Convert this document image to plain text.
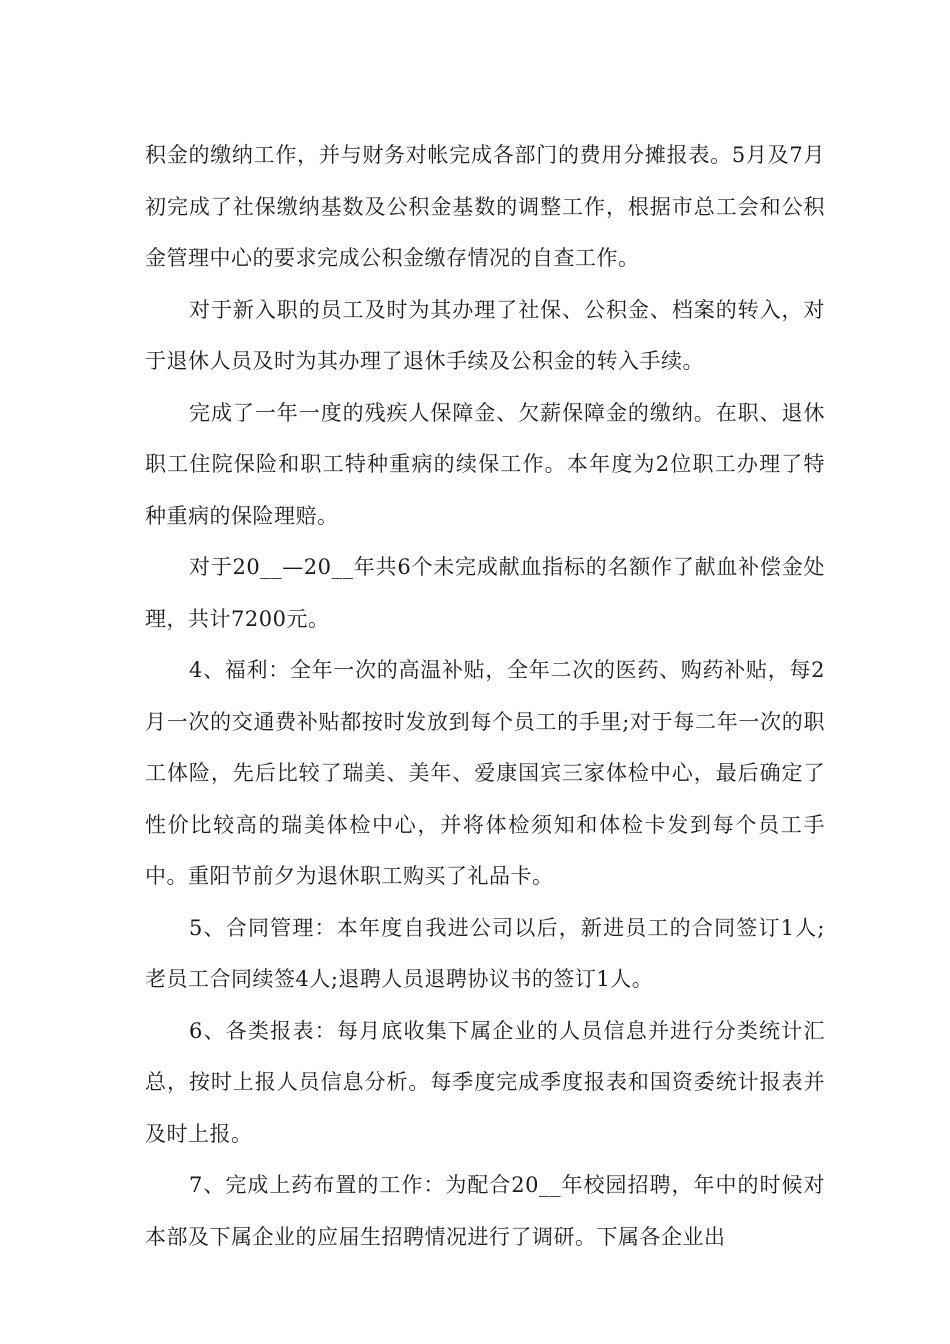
积金的缴纳工作，并与财务对帐完成各部门的费用分摊报表。5月及7月初完成了社保缴纳基数及公积金基数的调整工作，根据市总工会和公积金管理中心的要求完成公积金缴存情况的自查工作。

对于新入职的员工及时为其办理了社保、公积金、档案的转入，对于退休人员及时为其办理了退休手续及公积金的转入手续。

完成了一年一度的残疾人保障金、欠薪保障金的缴纳。在职、退休职工住院保险和职工特种重病的续保工作。本年度为2位职工办理了特种重病的保险理赔。

对于20__—20__年共6个未完成献血指标的名额作了献血补偿金处理，共计7200元。

4、福利：全年一次的高温补贴，全年二次的医药、购药补贴，每2月一次的交通费补贴都按时发放到每个员工的手里;对于每二年一次的职工体险，先后比较了瑞美、美年、爱康国宾三家体检中心，最后确定了性价比较高的瑞美体检中心，并将体检须知和体检卡发到每个员工手中。重阳节前夕为退休职工购买了礼品卡。

5、合同管理：本年度自我进公司以后，新进员工的合同签订1人;老员工合同续签4人;退聘人员退聘协议书的签订1人。

6、各类报表：每月底收集下属企业的人员信息并进行分类统计汇总，按时上报人员信息分析。每季度完成季度报表和国资委统计报表并及时上报。

7、完成上药布置的工作：为配合20__年校园招聘，年中的时候对本部及下属企业的应届生招聘情况进行了调研。下属各企业出
